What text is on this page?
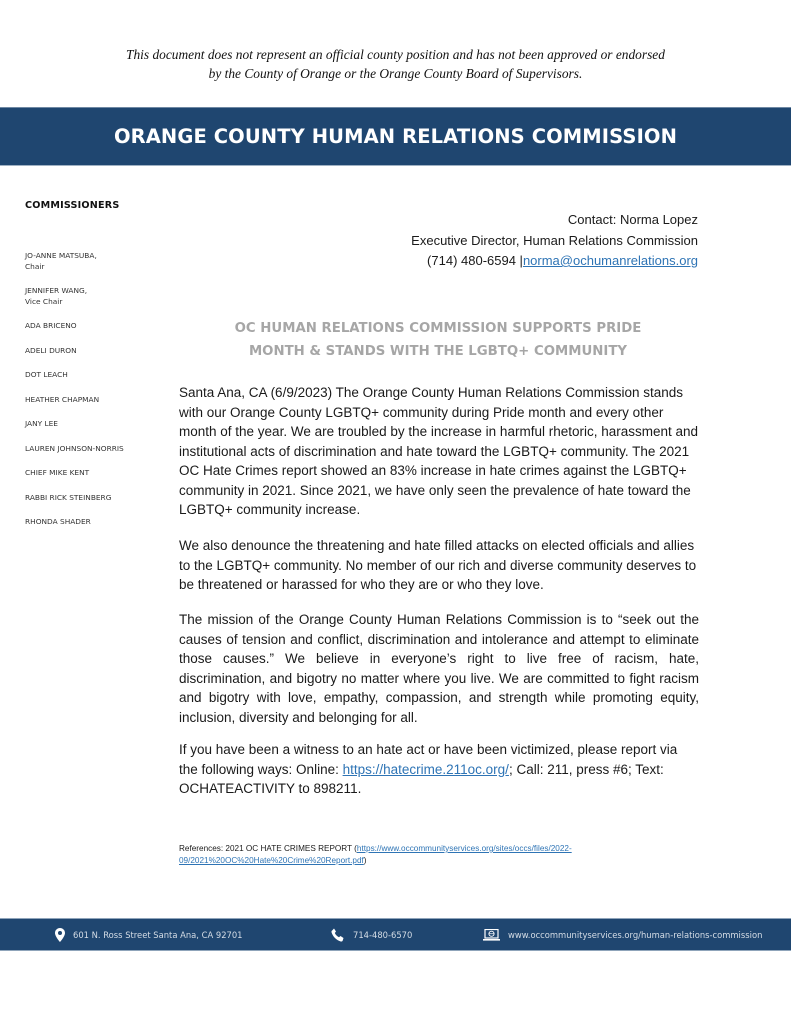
This document does not represent an official county position and has not been approved or endorsed
by the County of Orange or the Orange County Board of Supervisors.
ORANGE COUNTY HUMAN RELATIONS COMMISSION
COMMISSIONERS
JO-ANNE MATSUBA,
Chair
JENNIFER WANG,
Vice Chair
ADA BRICENO
ADELI DURON
DOT LEACH
HEATHER CHAPMAN
JANY LEE
LAUREN JOHNSON-NORRIS
CHIEF MIKE KENT
RABBI RICK STEINBERG
RHONDA SHADER
Contact: Norma Lopez
Executive Director, Human Relations Commission
(714) 480-6594 |norma@ochumanrelations.org
OC HUMAN RELATIONS COMMISSION SUPPORTS PRIDE
MONTH & STANDS WITH THE LGBTQ+ COMMUNITY

Santa Ana, CA (6/9/2023) The Orange County Human Relations Commission stands with our Orange County LGBTQ+ community during Pride month and every other month of the year. We are troubled by the increase in harmful rhetoric, harassment and institutional acts of discrimination and hate toward the LGBTQ+ community. The 2021 OC Hate Crimes report showed an 83% increase in hate crimes against the LGBTQ+ community in 2021. Since 2021, we have only seen the prevalence of hate toward the LGBTQ+ community increase.

We also denounce the threatening and hate filled attacks on elected officials and allies to the LGBTQ+ community. No member of our rich and diverse community deserves to be threatened or harassed for who they are or who they love.

The mission of the Orange County Human Relations Commission is to “seek out the causes of tension and conflict, discrimination and intolerance and attempt to eliminate those causes.” We believe in everyone’s right to live free of racism, hate, discrimination, and bigotry no matter where you live. We are committed to fight racism and bigotry with love, empathy, compassion, and strength while promoting equity, inclusion, diversity and belonging for all.

If you have been a witness to an hate act or have been victimized, please report via the following ways: Online: https://hatecrime.211oc.org/; Call: 211, press #6; Text: OCHATEACTIVITY to 898211.

References: 2021 OC HATE CRIMES REPORT (https://www.occommunityservices.org/sites/occs/files/2022-09/2021%20OC%20Hate%20Crime%20Report.pdf)
601 N. Ross Street Santa Ana, CA 92701	714-480-6570	www.occommunityservices.org/human-relations-commission
